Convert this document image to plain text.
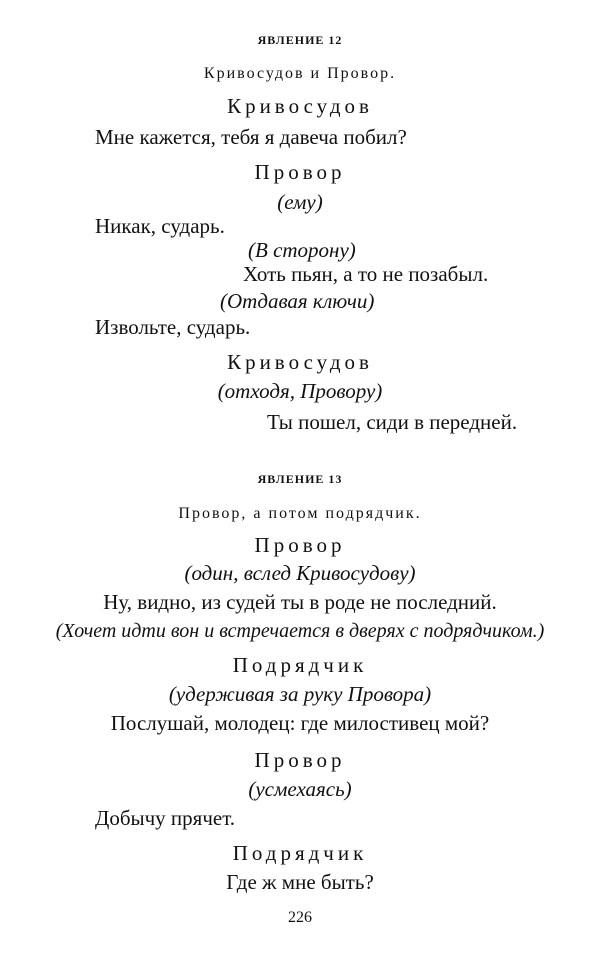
ЯВЛЕНИЕ 12
Кривосудов и Провор.
Кривосудов
Мне кажется, тебя я давеча побил?
Провор
(ему)
Никак, сударь.
(В сторону)
Хоть пьян, а то не позабыл.
(Отдавая ключи)
Извольте, сударь.
Кривосудов
(отходя, Провору)
Ты пошел, сиди в передней.
ЯВЛЕНИЕ 13
Провор, а потом подрядчик.
Провор
(один, вслед Кривосудову)
Ну, видно, из судей ты в роде не последний.
(Хочет идти вон и встречается в дверях с подрядчиком.)
Подрядчик
(удерживая за руку Провора)
Послушай, молодец: где милостивец мой?
Провор
(усмехаясь)
Добычу прячет.
Подрядчик
Где ж мне быть?
226
